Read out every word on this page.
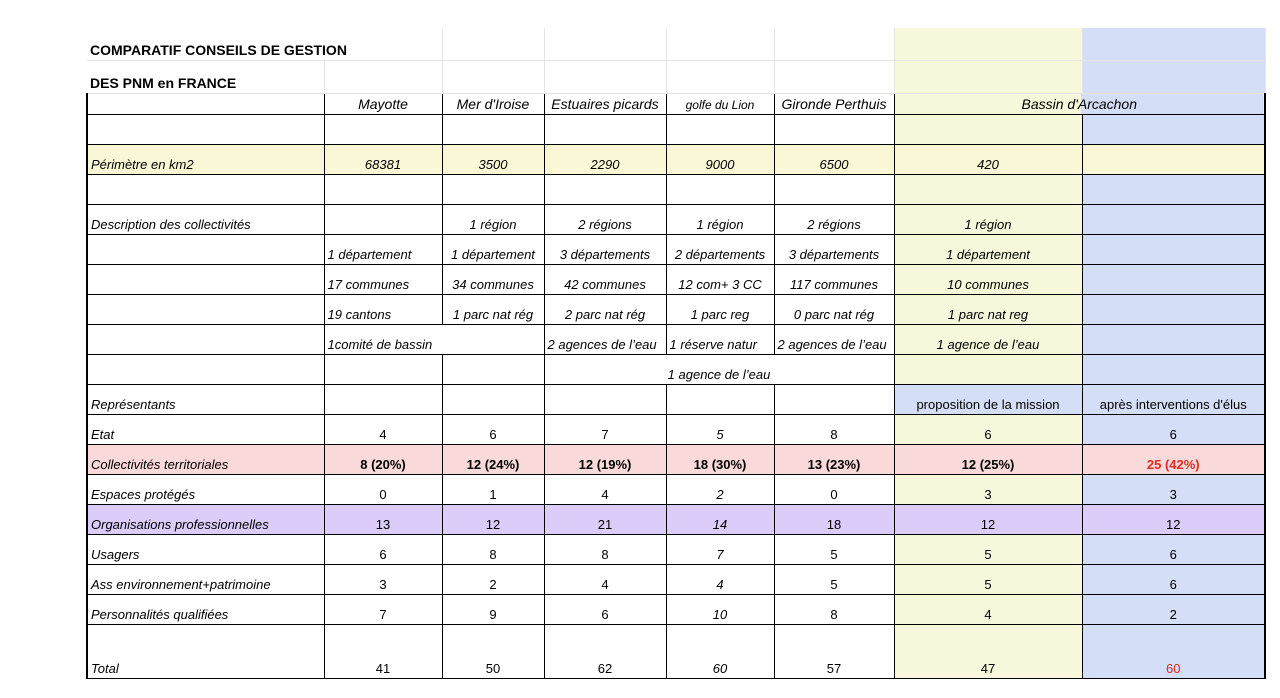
COMPARATIF CONSEILS DE GESTION							
DES PNM en FRANCE							
	Mayotte	Mer d'Iroise	Estuaires picards	golfe du Lion	Gironde Perthuis	Bassin d'Arcachon	

Périmètre en km2	68381	3500	2290	9000	6500	420	

Description des collectivités		1 région	2 régions	1 région	2 régions	1 région	
	1 département	1 département	3 départements	2 départements	3 départements	1 département	
	17 communes	34 communes	42 communes	12 com+ 3 CC	117 communes	10 communes	
	19 cantons	1 parc nat rég	2 parc nat rég	1 parc reg	0 parc nat rég	1 parc nat reg	
	1comité de bassin		2 agences de l’eau	1 réserve natur	2 agences de l’eau	1 agence de l’eau	
			1 agence de l’eau				
Représentants						proposition de la mission	après interventions d'élus
Etat	4	6	7	5	8	6	6
Collectivités territoriales	8 (20%)	12 (24%)	12 (19%)	18 (30%)	13 (23%)	12 (25%)	25 (42%)
Espaces protégés	0	1	4	2	0	3	3
Organisations professionnelles	13	12	21	14	18	12	12
Usagers	6	8	8	7	5	5	6
Ass environnement+patrimoine	3	2	4	4	5	5	6
Personnalités qualifiées	7	9	6	10	8	4	2
Total	41	50	62	60	57	47	60
